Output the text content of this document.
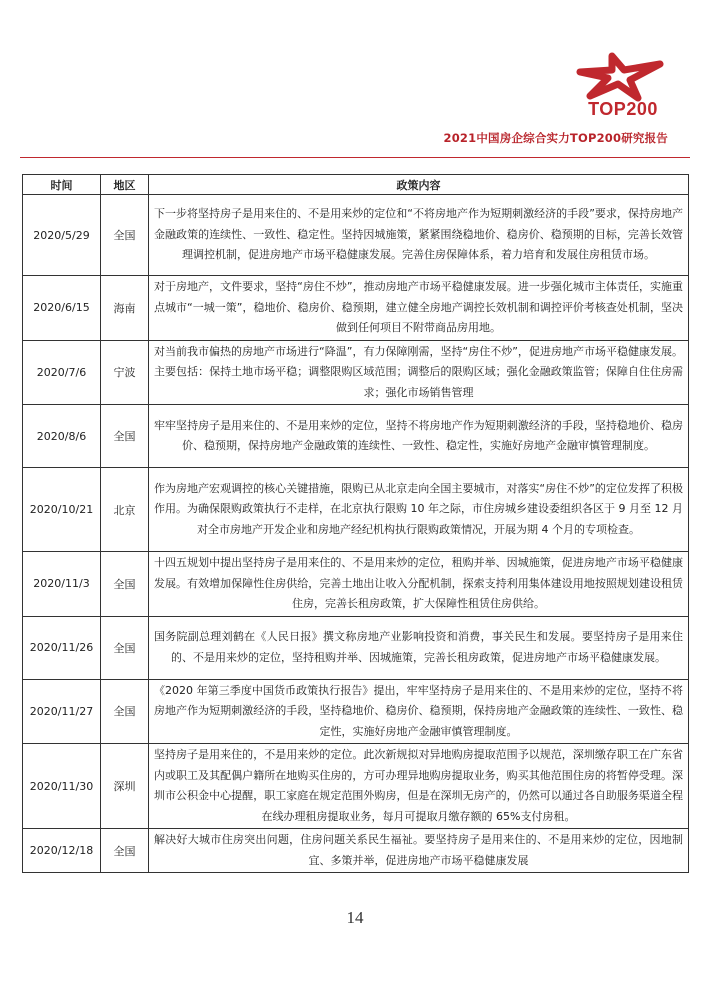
TOP200
2021中国房企综合实力TOP200研究报告
时间	地区	政策内容
2020/5/29	全国	下一步将坚持房子是用来住的、不是用来炒的定位和“不将房地产作为短期刺激经济的手段”要求，保持房地产金融政策的连续性、一致性、稳定性。坚持因城施策，紧紧围绕稳地价、稳房价、稳预期的目标，完善长效管理调控机制，促进房地产市场平稳健康发展。完善住房保障体系，着力培育和发展住房租赁市场。
2020/6/15	海南	对于房地产，文件要求，坚持“房住不炒”，推动房地产市场平稳健康发展。进一步强化城市主体责任，实施重点城市“一城一策”，稳地价、稳房价、稳预期，建立健全房地产调控长效机制和调控评价考核查处机制，坚决做到任何项目不附带商品房用地。
2020/7/6	宁波	对当前我市偏热的房地产市场进行“降温”，有力保障刚需，坚持“房住不炒”，促进房地产市场平稳健康发展。主要包括：保持土地市场平稳；调整限购区域范围；调整后的限购区域；强化金融政策监管；保障自住住房需求；强化市场销售管理
2020/8/6	全国	牢牢坚持房子是用来住的、不是用来炒的定位，坚持不将房地产作为短期刺激经济的手段，坚持稳地价、稳房价、稳预期，保持房地产金融政策的连续性、一致性、稳定性，实施好房地产金融审慎管理制度。
2020/10/21	北京	作为房地产宏观调控的核心关键措施，限购已从北京走向全国主要城市，对落实“房住不炒”的定位发挥了积极作用。为确保限购政策执行不走样，在北京执行限购 10 年之际，市住房城乡建设委组织各区于 9 月至 12 月对全市房地产开发企业和房地产经纪机构执行限购政策情况，开展为期 4 个月的专项检查。
2020/11/3	全国	十四五规划中提出坚持房子是用来住的、不是用来炒的定位，租购并举、因城施策，促进房地产市场平稳健康发展。有效增加保障性住房供给，完善土地出让收入分配机制，探索支持利用集体建设用地按照规划建设租赁住房，完善长租房政策，扩大保障性租赁住房供给。
2020/11/26	全国	国务院副总理刘鹤在《人民日报》撰文称房地产业影响投资和消费，事关民生和发展。要坚持房子是用来住的、不是用来炒的定位，坚持租购并举、因城施策，完善长租房政策，促进房地产市场平稳健康发展。
2020/11/27	全国	《2020 年第三季度中国货币政策执行报告》提出，牢牢坚持房子是用来住的、不是用来炒的定位，坚持不将房地产作为短期刺激经济的手段，坚持稳地价、稳房价、稳预期，保持房地产金融政策的连续性、一致性、稳定性，实施好房地产金融审慎管理制度。
2020/11/30	深圳	坚持房子是用来住的，不是用来炒的定位。此次新规拟对异地购房提取范围予以规范，深圳缴存职工在广东省内或职工及其配偶户籍所在地购买住房的，方可办理异地购房提取业务，购买其他范围住房的将暂停受理。深圳市公积金中心提醒，职工家庭在规定范围外购房，但是在深圳无房产的，仍然可以通过各自助服务渠道全程在线办理租房提取业务，每月可提取月缴存额的 65%支付房租。
2020/12/18	全国	解决好大城市住房突出问题，住房问题关系民生福祉。要坚持房子是用来住的、不是用来炒的定位，因地制宜、多策并举，促进房地产市场平稳健康发展
14
